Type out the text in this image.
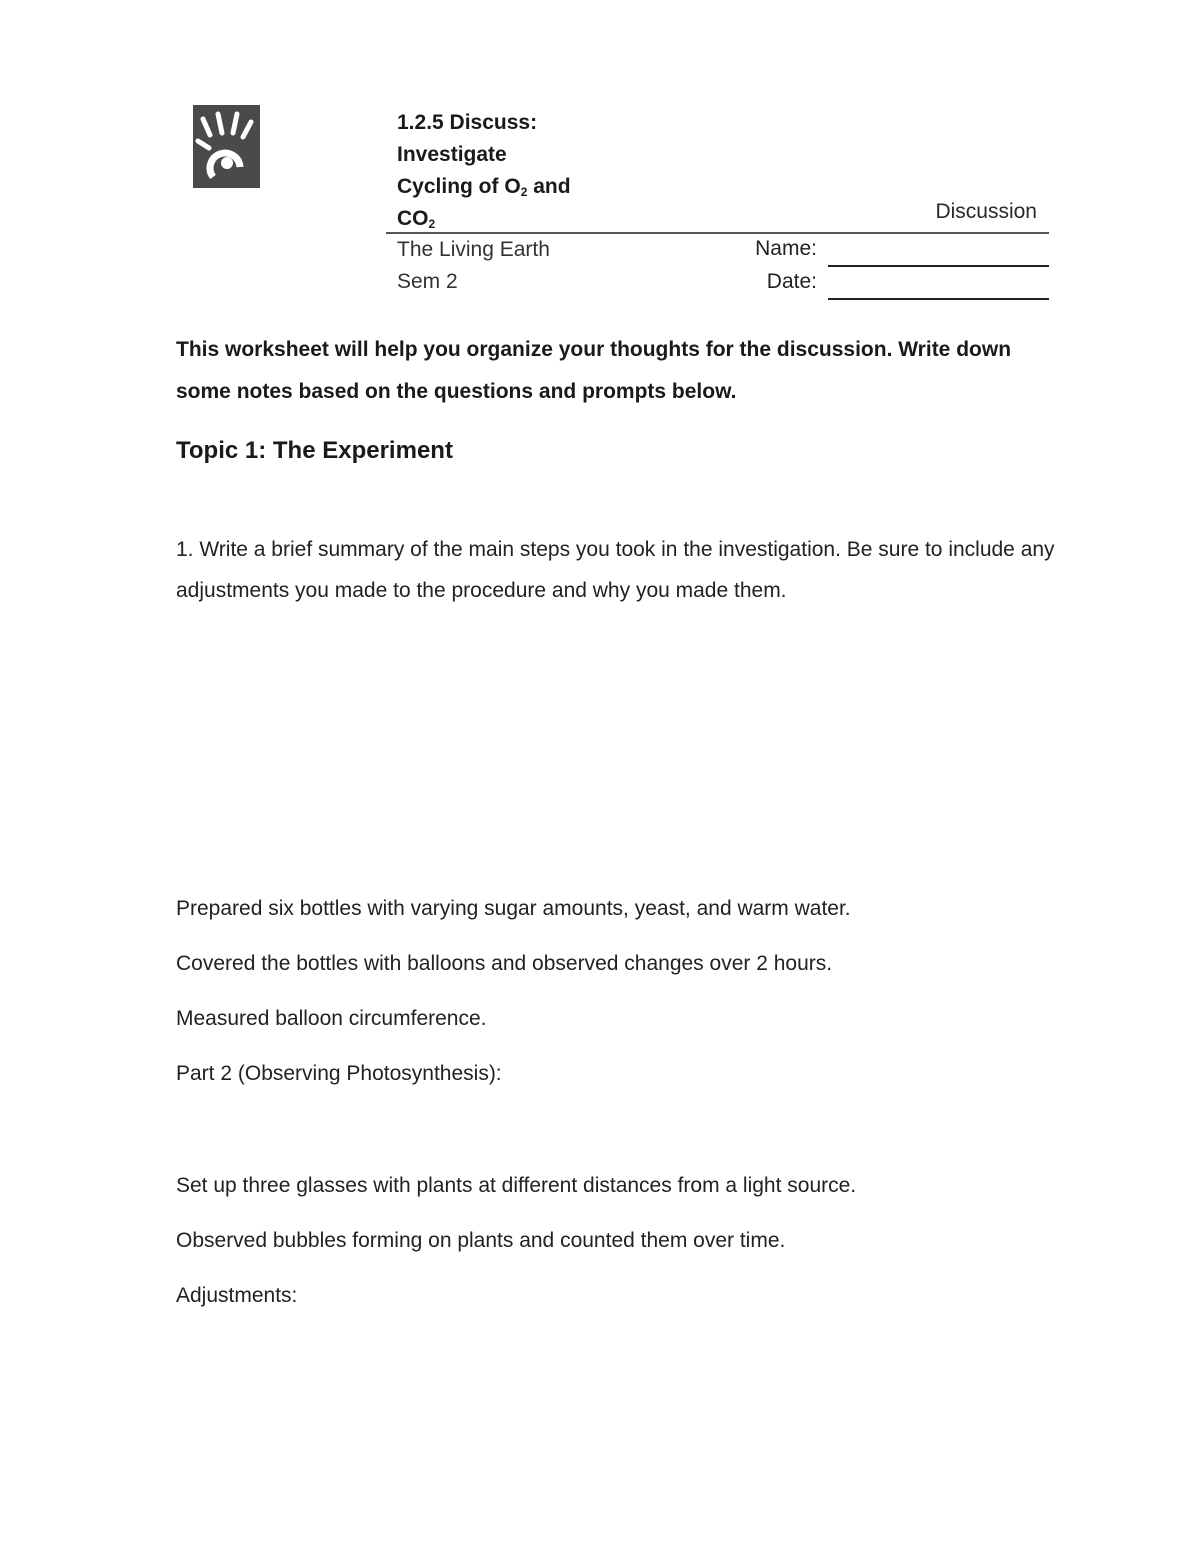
1.2.5 Discuss:
Investigate
Cycling of $O_2$ and
$CO_2$
Discussion
The Living Earth
Sem 2
Name:
Date:
This worksheet will help you organize your thoughts for the discussion. Write down some notes based on the questions and prompts below.
Topic 1: The Experiment
1. Write a brief summary of the main steps you took in the investigation. Be sure to include any adjustments you made to the procedure and why you made them.
Prepared six bottles with varying sugar amounts, yeast, and warm water.
Covered the bottles with balloons and observed changes over 2 hours.
Measured balloon circumference.
Part 2 (Observing Photosynthesis):
Set up three glasses with plants at different distances from a light source.
Observed bubbles forming on plants and counted them over time.
Adjustments:
